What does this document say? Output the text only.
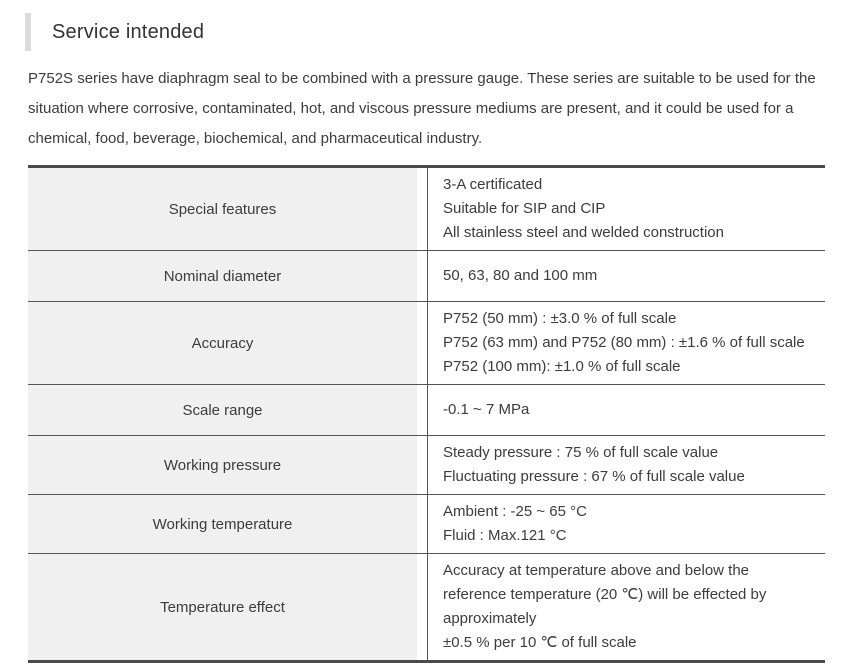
Service intended

P752S series have diaphragm seal to be combined with a pressure gauge. These series are suitable to be used for the situation where corrosive, contaminated, hot, and viscous pressure mediums are present, and it could be used for a chemical, food, beverage, biochemical, and pharmaceutical industry.

Special features
3-A certificated
Suitable for SIP and CIP
All stainless steel and welded construction
Nominal diameter	50, 63, 80 and 100 mm
Accuracy
P752 (50 mm) : ±3.0 % of full scale
P752 (63 mm) and P752 (80 mm) : ±1.6 % of full scale
P752 (100 mm): ±1.0 % of full scale
Scale range	-0.1 ~ 7 MPa
Working pressure
Steady pressure : 75 % of full scale value
Fluctuating pressure : 67 % of full scale value
Working temperature
Ambient : -25 ~ 65 °C
Fluid : Max.121 °C
Temperature effect
Accuracy at temperature above and below the
reference temperature (20 ℃) will be effected by
approximately
±0.5 % per 10 ℃ of full scale
